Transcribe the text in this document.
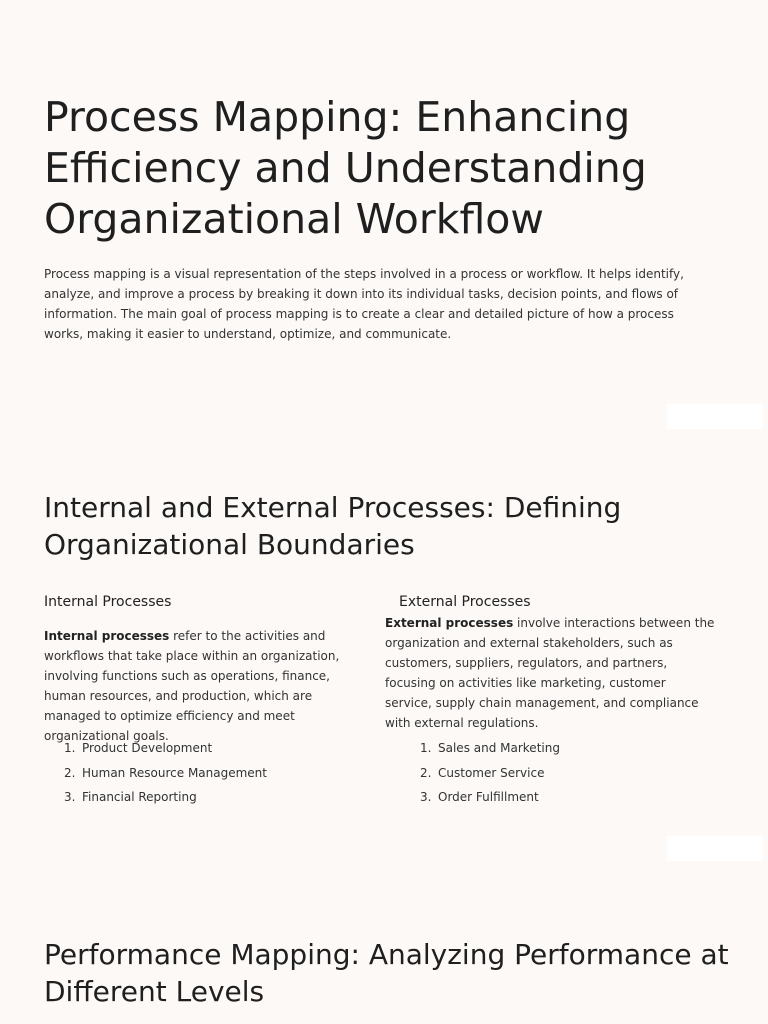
Process Mapping: Enhancing Efficiency and Understanding Organizational Workflow

Process mapping is a visual representation of the steps involved in a process or workflow. It helps identify, analyze, and improve a process by breaking it down into its individual tasks, decision points, and flows of information. The main goal of process mapping is to create a clear and detailed picture of how a process works, making it easier to understand, optimize, and communicate.

Internal and External Processes: Defining Organizational Boundaries
Internal Processes	External Processes

Internal processes refer to the activities and workflows that take place within an organization, involving functions such as operations, finance, human resources, and production, which are managed to optimize efficiency and meet organizational goals.

External processes involve interactions between the organization and external stakeholders, such as customers, suppliers, regulators, and partners, focusing on activities like marketing, customer service, supply chain management, and compliance with external regulations.

1. Product Development
2. Human Resource Management
3. Financial Reporting
1. Sales and Marketing
2. Customer Service
3. Order Fulfillment
Performance Mapping: Analyzing Performance at Different Levels
